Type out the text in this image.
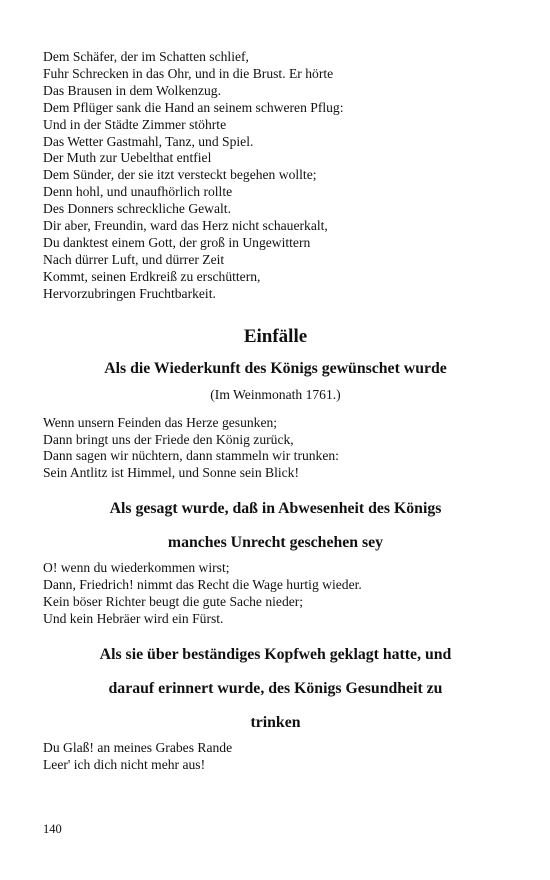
Dem Schäfer, der im Schatten schlief,
Fuhr Schrecken in das Ohr, und in die Brust. Er hörte
Das Brausen in dem Wolkenzug.
Dem Pflüger sank die Hand an seinem schweren Pflug:
Und in der Städte Zimmer stöhrte
Das Wetter Gastmahl, Tanz, und Spiel.
Der Muth zur Uebelthat entfiel
Dem Sünder, der sie itzt versteckt begehen wollte;
Denn hohl, und unaufhörlich rollte
Des Donners schreckliche Gewalt.
Dir aber, Freundin, ward das Herz nicht schauerkalt,
Du danktest einem Gott, der groß in Ungewittern
Nach dürrer Luft, und dürrer Zeit
Kommt, seinen Erdkreiß zu erschüttern,
Hervorzubringen Fruchtbarkeit.
Einfälle
Als die Wiederkunft des Königs gewünschet wurde
(Im Weinmonath 1761.)
Wenn unsern Feinden das Herze gesunken;
Dann bringt uns der Friede den König zurück,
Dann sagen wir nüchtern, dann stammeln wir trunken:
Sein Antlitz ist Himmel, und Sonne sein Blick!
Als gesagt wurde, daß in Abwesenheit des Königs
manches Unrecht geschehen sey
O! wenn du wiederkommen wirst;
Dann, Friedrich! nimmt das Recht die Wage hurtig wieder.
Kein böser Richter beugt die gute Sache nieder;
Und kein Hebräer wird ein Fürst.
Als sie über beständiges Kopfweh geklagt hatte, und
darauf erinnert wurde, des Königs Gesundheit zu
trinken
Du Glaß! an meines Grabes Rande
Leer' ich dich nicht mehr aus!
140
